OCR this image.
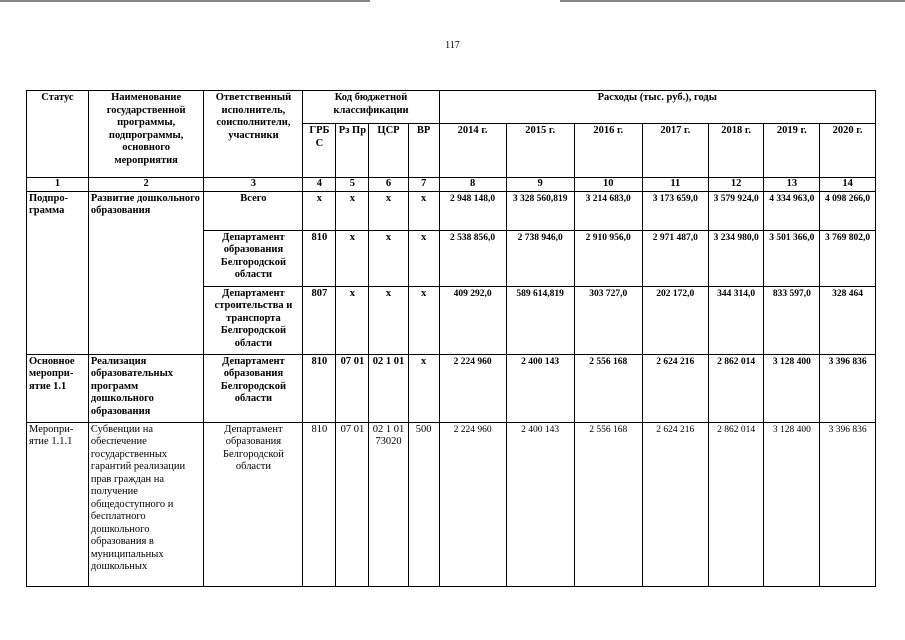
117
Статус	Наименование государственной программы, подпрограммы, основного мероприятия	Ответственный исполнитель, соисполнители, участники	Код бюджетной классификации				Расходы (тыс. руб.), годы						
			ГРБ С	Рз Пр	ЦСР	ВР	2014 г.	2015 г.	2016 г.	2017 г.	2018 г.	2019 г.	2020 г.
1	2	3	4	5	6	7	8	9	10	11	12	13	14
Подпро-грамма	Развитие дошкольного образования	Всего	х	х	х	х	2 948 148,0	3 328 560,819	3 214 683,0	3 173 659,0	3 579 924,0	4 334 963,0	4 098 266,0
		Департамент образования Белгородской области	810	х	х	х	2 538 856,0	2 738 946,0	2 910 956,0	2 971 487,0	3 234 980,0	3 501 366,0	3 769 802,0
		Департамент строительства и транспорта Белгородской области	807	х	х	х	409 292,0	589 614,819	303 727,0	202 172,0	344 314,0	833 597,0	328 464
Основное меропри-ятие 1.1	Реализация образовательных программ дошкольного образования	Департамент образования Белгородской области	810	07 01	02 1 01	х	2 224 960	2 400 143	2 556 168	2 624 216	2 862 014	3 128 400	3 396 836
Меропри-ятие 1.1.1	Субвенции на обеспечение государственных гарантий реализации прав граждан на получение общедоступного и бесплатного дошкольного образования в муниципальных дошкольных	Департамент образования Белгородской области	810	07 01	02 1 01 73020	500	2 224 960	2 400 143	2 556 168	2 624 216	2 862 014	3 128 400	3 396 836
